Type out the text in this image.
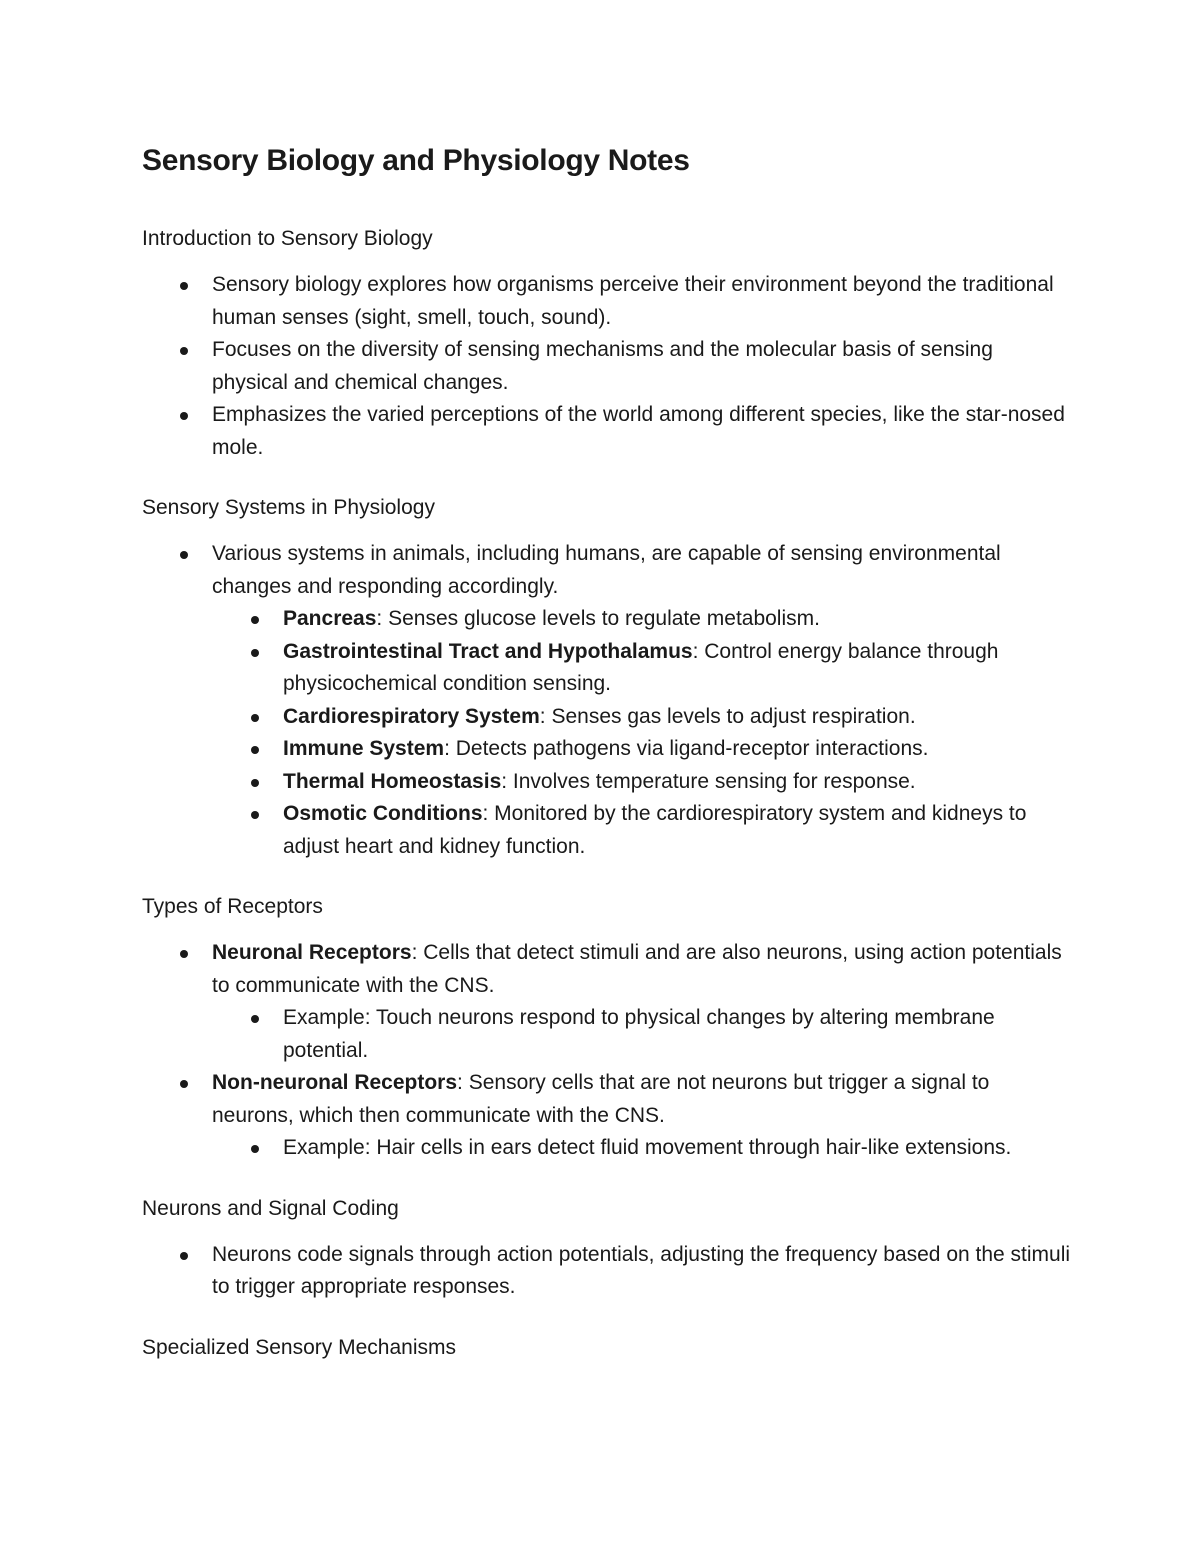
Sensory Biology and Physiology Notes

Introduction to Sensory Biology

Sensory biology explores how organisms perceive their environment beyond the traditional human senses (sight, smell, touch, sound).
Focuses on the diversity of sensing mechanisms and the molecular basis of sensing physical and chemical changes.
Emphasizes the varied perceptions of the world among different species, like the star-nosed mole.

Sensory Systems in Physiology

Various systems in animals, including humans, are capable of sensing environmental changes and responding accordingly.
Pancreas: Senses glucose levels to regulate metabolism.
Gastrointestinal Tract and Hypothalamus: Control energy balance through physicochemical condition sensing.
Cardiorespiratory System: Senses gas levels to adjust respiration.
Immune System: Detects pathogens via ligand-receptor interactions.
Thermal Homeostasis: Involves temperature sensing for response.
Osmotic Conditions: Monitored by the cardiorespiratory system and kidneys to adjust heart and kidney function.

Types of Receptors

Neuronal Receptors: Cells that detect stimuli and are also neurons, using action potentials to communicate with the CNS.
Example: Touch neurons respond to physical changes by altering membrane potential.
Non-neuronal Receptors: Sensory cells that are not neurons but trigger a signal to neurons, which then communicate with the CNS.
Example: Hair cells in ears detect fluid movement through hair-like extensions.

Neurons and Signal Coding

Neurons code signals through action potentials, adjusting the frequency based on the stimuli to trigger appropriate responses.

Specialized Sensory Mechanisms
